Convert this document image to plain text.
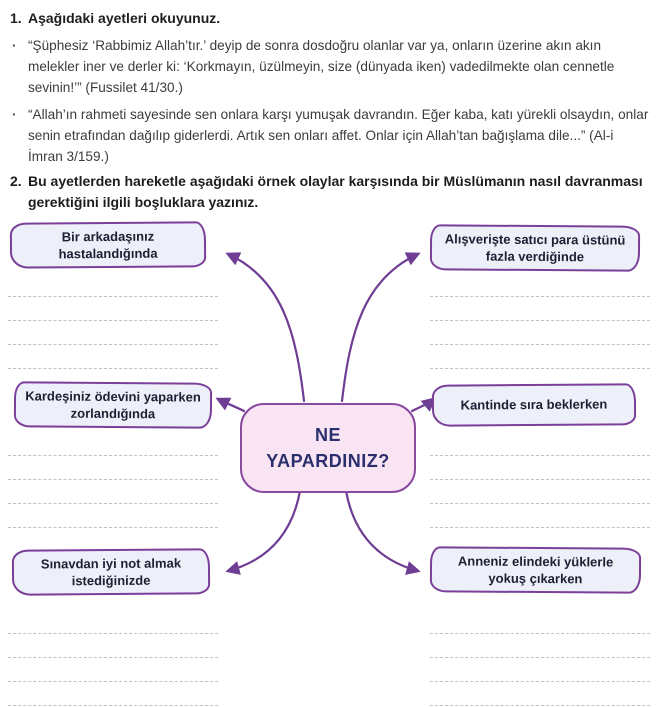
1. Aşağıdaki ayetleri okuyunuz.
· “Şüphesiz ‘Rabbimiz Allah’tır.’ deyip de sonra dosdoğru olanlar var ya, onların üzerine akın akın melekler iner ve derler ki: ‘Korkmayın, üzülmeyin, size (dünyada iken) vadedilmekte olan cennetle sevinin!’” (Fussilet 41/30.)
· “Allah’ın rahmeti sayesinde sen onlara karşı yumuşak davrandın. Eğer kaba, katı yürekli olsaydın, onlar senin etrafından dağılıp giderlerdi. Artık sen onları affet. Onlar için Allah’tan bağışlama dile...” (Al-i İmran 3/159.)
2. Bu ayetlerden hareketle aşağıdaki örnek olaylar karşısında bir Müslümanın nasıl davranması gerektiğini ilgili boşluklara yazınız.
Bir arkadaşınız hastalandığında
Alışverişte satıcı para üstünü fazla verdiğinde
Kardeşiniz ödevini yaparken zorlandığında
Kantinde sıra beklerken
Sınavdan iyi not almak istediğinizde
Anneniz elindeki yüklerle yokuş çıkarken
NE YAPARDINIZ?
